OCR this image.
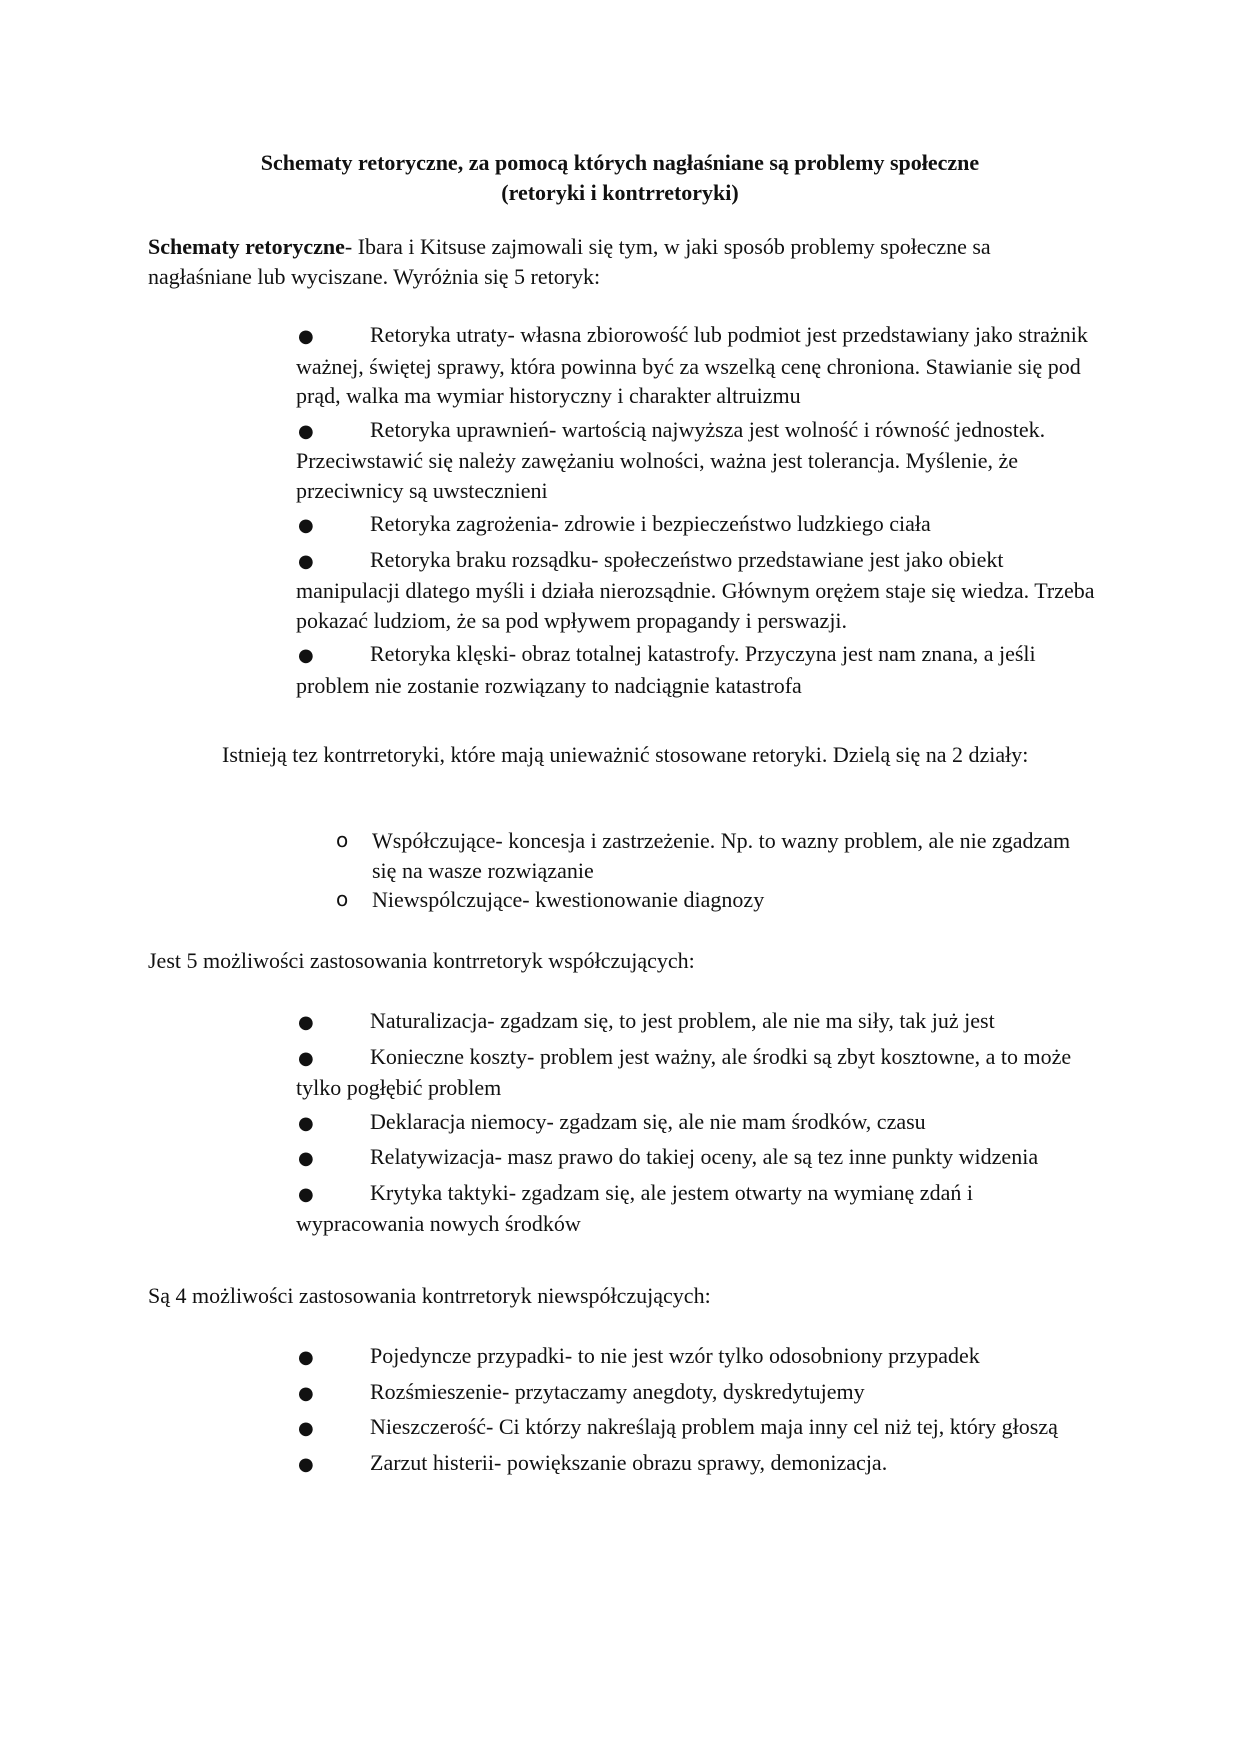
Schematy retoryczne, za pomocą których nagłaśniane są problemy społeczne
(retoryki i kontrretoryki)

Schematy retoryczne- Ibara i Kitsuse zajmowali się tym, w jaki sposób problemy społeczne sa nagłaśniane lub wyciszane. Wyróżnia się 5 retoryk:

●	Retoryka utraty- własna zbiorowość lub podmiot jest przedstawiany jako strażnik ważnej, świętej sprawy, która powinna być za wszelką cenę chroniona. Stawianie się pod prąd, walka ma wymiar historyczny i charakter altruizmu
●	Retoryka uprawnień- wartością najwyższa jest wolność i równość jednostek. Przeciwstawić się należy zawężaniu wolności, ważna jest tolerancja. Myślenie, że przeciwnicy są uwstecznieni
●	Retoryka zagrożenia- zdrowie i bezpieczeństwo ludzkiego ciała
●	Retoryka braku rozsądku- społeczeństwo przedstawiane jest jako obiekt manipulacji dlatego myśli i działa nierozsądnie. Głównym orężem staje się wiedza. Trzeba pokazać ludziom, że sa pod wpływem propagandy i perswazji.
●	Retoryka klęski- obraz totalnej katastrofy. Przyczyna jest nam znana, a jeśli problem nie zostanie rozwiązany to nadciągnie katastrofa

Istnieją tez kontrretoryki, które mają unieważnić stosowane retoryki. Dzielą się na 2 działy:

o	Współczujące- koncesja i zastrzeżenie. Np. to wazny problem, ale nie zgadzam się na wasze rozwiązanie
o	Niewspólczujące- kwestionowanie diagnozy

Jest 5 możliwości zastosowania kontrretoryk współczujących:

●	Naturalizacja- zgadzam się, to jest problem, ale nie ma siły, tak już jest
●	Konieczne koszty- problem jest ważny, ale środki są zbyt kosztowne, a to może tylko pogłębić problem
●	Deklaracja niemocy- zgadzam się, ale nie mam środków, czasu
●	Relatywizacja- masz prawo do takiej oceny, ale są tez inne punkty widzenia
●	Krytyka taktyki- zgadzam się, ale jestem otwarty na wymianę zdań i wypracowania nowych środków

Są 4 możliwości zastosowania kontrretoryk niewspółczujących:

●	Pojedyncze przypadki- to nie jest wzór tylko odosobniony przypadek
●	Rozśmieszenie- przytaczamy anegdoty, dyskredytujemy
●	Nieszczerość- Ci którzy nakreślają problem maja inny cel niż tej, który głoszą
●	Zarzut histerii- powiększanie obrazu sprawy, demonizacja.
